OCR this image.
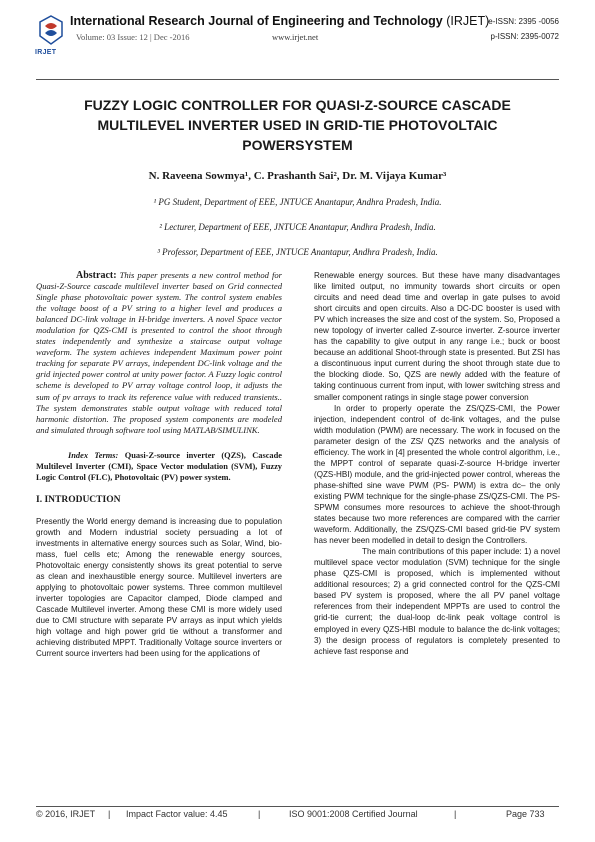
IRJET
International Research Journal of Engineering and Technology (IRJET)
e-ISSN: 2395 -0056
Volume: 03 Issue: 12 | Dec -2016	www.irjet.net	p-ISSN: 2395-0072
FUZZY LOGIC CONTROLLER FOR QUASI-Z-SOURCE CASCADE
MULTILEVEL INVERTER USED IN GRID-TIE PHOTOVOLTAIC
POWERSYSTEM
N. Raveena Sowmya¹, C. Prashanth Sai², Dr. M. Vijaya Kumar³
¹ PG Student, Department of EEE, JNTUCE Anantapur, Andhra Pradesh, India.
² Lecturer, Department of EEE, JNTUCE Anantapur, Andhra Pradesh, India.
³ Professor, Department of EEE, JNTUCE Anantapur, Andhra Pradesh, India.

Abstract: This paper presents a new control method for Quasi-Z-Source cascade multilevel inverter based on Grid connected Single phase photovoltaic power system. The control system enables the voltage boost of a PV string to a higher level and produces a balanced DC-link voltage in H-bridge inverters. A novel Space vector modulation for QZS-CMI is presented to control the shoot through states independently and synthesize a staircase output voltage waveform. The system achieves independent Maximum power point tracking for separate PV arrays, independent DC-link voltage and the grid injected power control at unity power factor. A Fuzzy logic control scheme is developed to PV array voltage control loop, it adjusts the sum of pv arrays to track its reference value with reduced transients.. The system demonstrates stable output voltage with reduced total harmonic distortion. The proposed system components are modeled and simulated through software tool using MATLAB/SIMULINK.

Index Terms: Quasi-Z-source inverter (QZS), Cascade Multilevel Inverter (CMI), Space Vector modulation (SVM), Fuzzy Logic Control (FLC), Photovoltaic (PV) power system.

I. INTRODUCTION

Presently the World energy demand is increasing due to population growth and Modern industrial society persuading a lot of investments in alternative energy sources such as Solar, Wind, bio-mass, fuel cells etc; Among the renewable energy sources, Photovoltaic energy consistently shows its great potential to serve as clean and inexhaustible energy source. Multilevel inverters are applying to photovoltaic power systems. Three common multilevel inverter topologies are Capacitor clamped, Diode clamped and Cascade Multilevel inverter. Among these CMI is more widely used due to CMI structure with separate PV arrays as input which yields high voltage and high power grid tie without a transformer and achieving distributed MPPT. Traditionally Voltage source inverters or Current source inverters had been using for the applications of

Renewable energy sources. But these have many disadvantages like limited output, no immunity towards short circuits or open circuits and need dead time and overlap in gate pulses to avoid short circuits and open circuits. Also a DC-DC booster is used with PV which increases the size and cost of the system. So, Proposed a new topology of inverter called Z-source inverter. Z-source inverter has the capability to give output in any range i.e.; buck or boost because an additional Shoot-through state is presented. But ZSI has a discontinuous input current during the shoot through state due to the blocking diode. So, QZS are newly added with the feature of taking continuous current from input, with lower switching stress and smaller component ratings in single stage power conversion

In order to properly operate the ZS/QZS-CMI, the Power injection, independent control of dc-link voltages, and the pulse width modulation (PWM) are necessary. The work in focused on the parameter design of the ZS/ QZS networks and the analysis of efficiency. The work in [4] presented the whole control algorithm, i.e., the MPPT control of separate quasi-Z-source H-bridge inverter (QZS-HBI) module, and the grid-injected power control, whereas the phase-shifted sine wave PWM (PS- PWM) is extra dc– the only existing PWM technique for the single-phase ZS/QZS-CMI. The PS-SPWM consumes more resources to achieve the shoot-through states because two more references are compared with the carrier waveform. Additionally, the ZS/QZS-CMI based grid-tie PV system has never been modelled in detail to design the Controllers.

The main contributions of this paper include: 1) a novel multilevel space vector modulation (SVM) technique for the single phase QZS-CMI is proposed, which is implemented without additional resources; 2) a grid connected control for the QZS-CMI based PV system is proposed, where the all PV panel voltage references from their independent MPPTs are used to control the grid-tie current; the dual-loop dc-link peak voltage control is employed in every QZS-HBI module to balance the dc-link voltages; 3) the design process of regulators is completely presented to achieve fast response and

© 2016, IRJET | Impact Factor value: 4.45	|	ISO 9001:2008 Certified Journal	|	Page 733
